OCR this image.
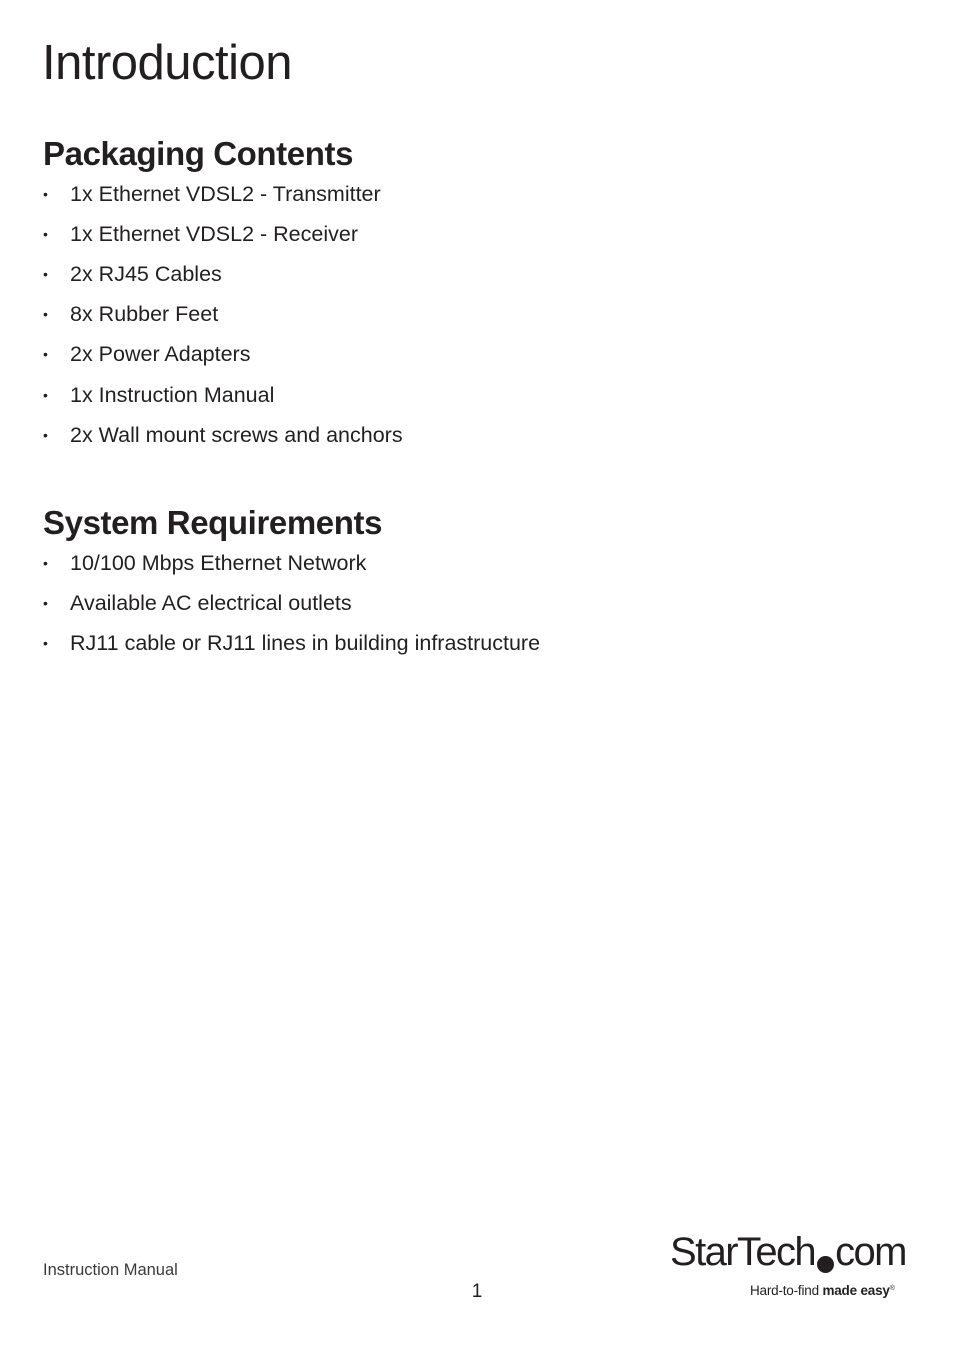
Introduction
Packaging Contents
• 1x Ethernet VDSL2 - Transmitter
• 1x Ethernet VDSL2 - Receiver
• 2x RJ45 Cables
• 8x Rubber Feet
• 2x Power Adapters
• 1x Instruction Manual
• 2x Wall mount screws and anchors
System Requirements
• 10/100 Mbps Ethernet Network
• Available AC electrical outlets
• RJ11 cable or RJ11 lines in building infrastructure
Instruction Manual
1
StarTech com
Hard-to-find made easy®
